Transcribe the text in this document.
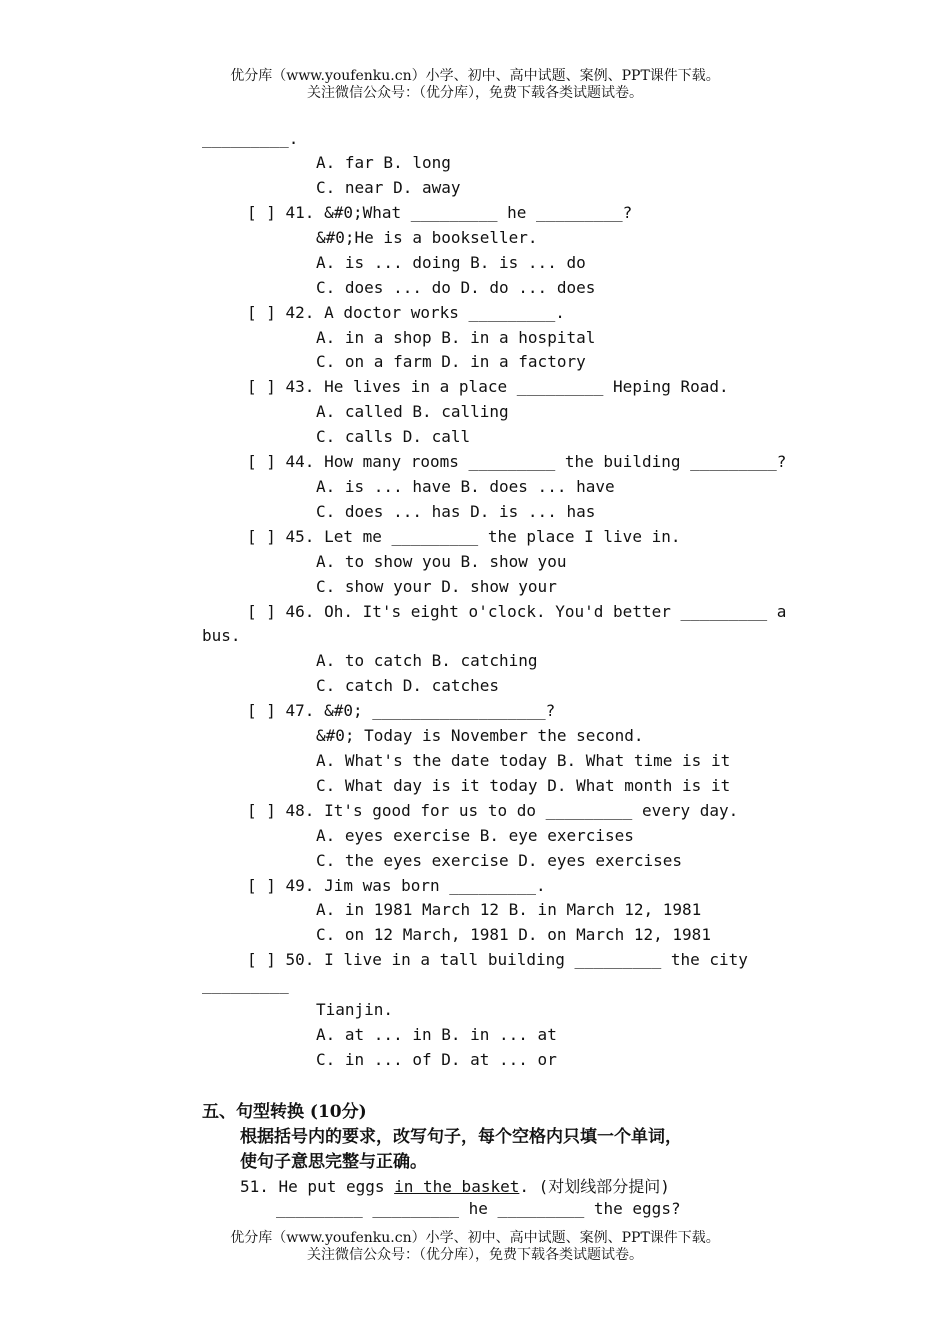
优分库（www.youfenku.cn）小学、初中、高中试题、案例、PPT课件下载。
关注微信公众号：（优分库），免费下载各类试题试卷。
_________.
A. far B. long
C. near D. away
[ ] 41. &#0;What _________ he _________?
&#0;He is a bookseller.
A. is ... doing B. is ... do
C. does ... do D. do ... does
[ ] 42. A doctor works _________.
A. in a shop B. in a hospital
C. on a farm D. in a factory
[ ] 43. He lives in a place _________ Heping Road.
A. called B. calling
C. calls D. call
[ ] 44. How many rooms _________ the building _________?
A. is ... have B. does ... have
C. does ... has D. is ... has
[ ] 45. Let me _________ the place I live in.
A. to show you B. show you
C. show your D. show your
[ ] 46. Oh. It's eight o'clock. You'd better _________ a
bus.
A. to catch B. catching
C. catch D. catches
[ ] 47. &#0; __________________?
&#0; Today is November the second.
A. What's the date today B. What time is it
C. What day is it today D. What month is it
[ ] 48. It's good for us to do _________ every day.
A. eyes exercise B. eye exercises
C. the eyes exercise D. eyes exercises
[ ] 49. Jim was born _________.
A. in 1981 March 12 B. in March 12, 1981
C. on 12 March, 1981 D. on March 12, 1981
[ ] 50. I live in a tall building _________ the city
_________
Tianjin.
A. at ... in B. in ... at
C. in ... of D. at ... or
五、句型转换 (10分)
根据括号内的要求，改写句子，每个空格内只填一个单词，
使句子意思完整与正确。
51. He put eggs in the basket. (对划线部分提问)
_________ _________ he _________ the eggs?
优分库（www.youfenku.cn）小学、初中、高中试题、案例、PPT课件下载。
关注微信公众号：（优分库），免费下载各类试题试卷。
